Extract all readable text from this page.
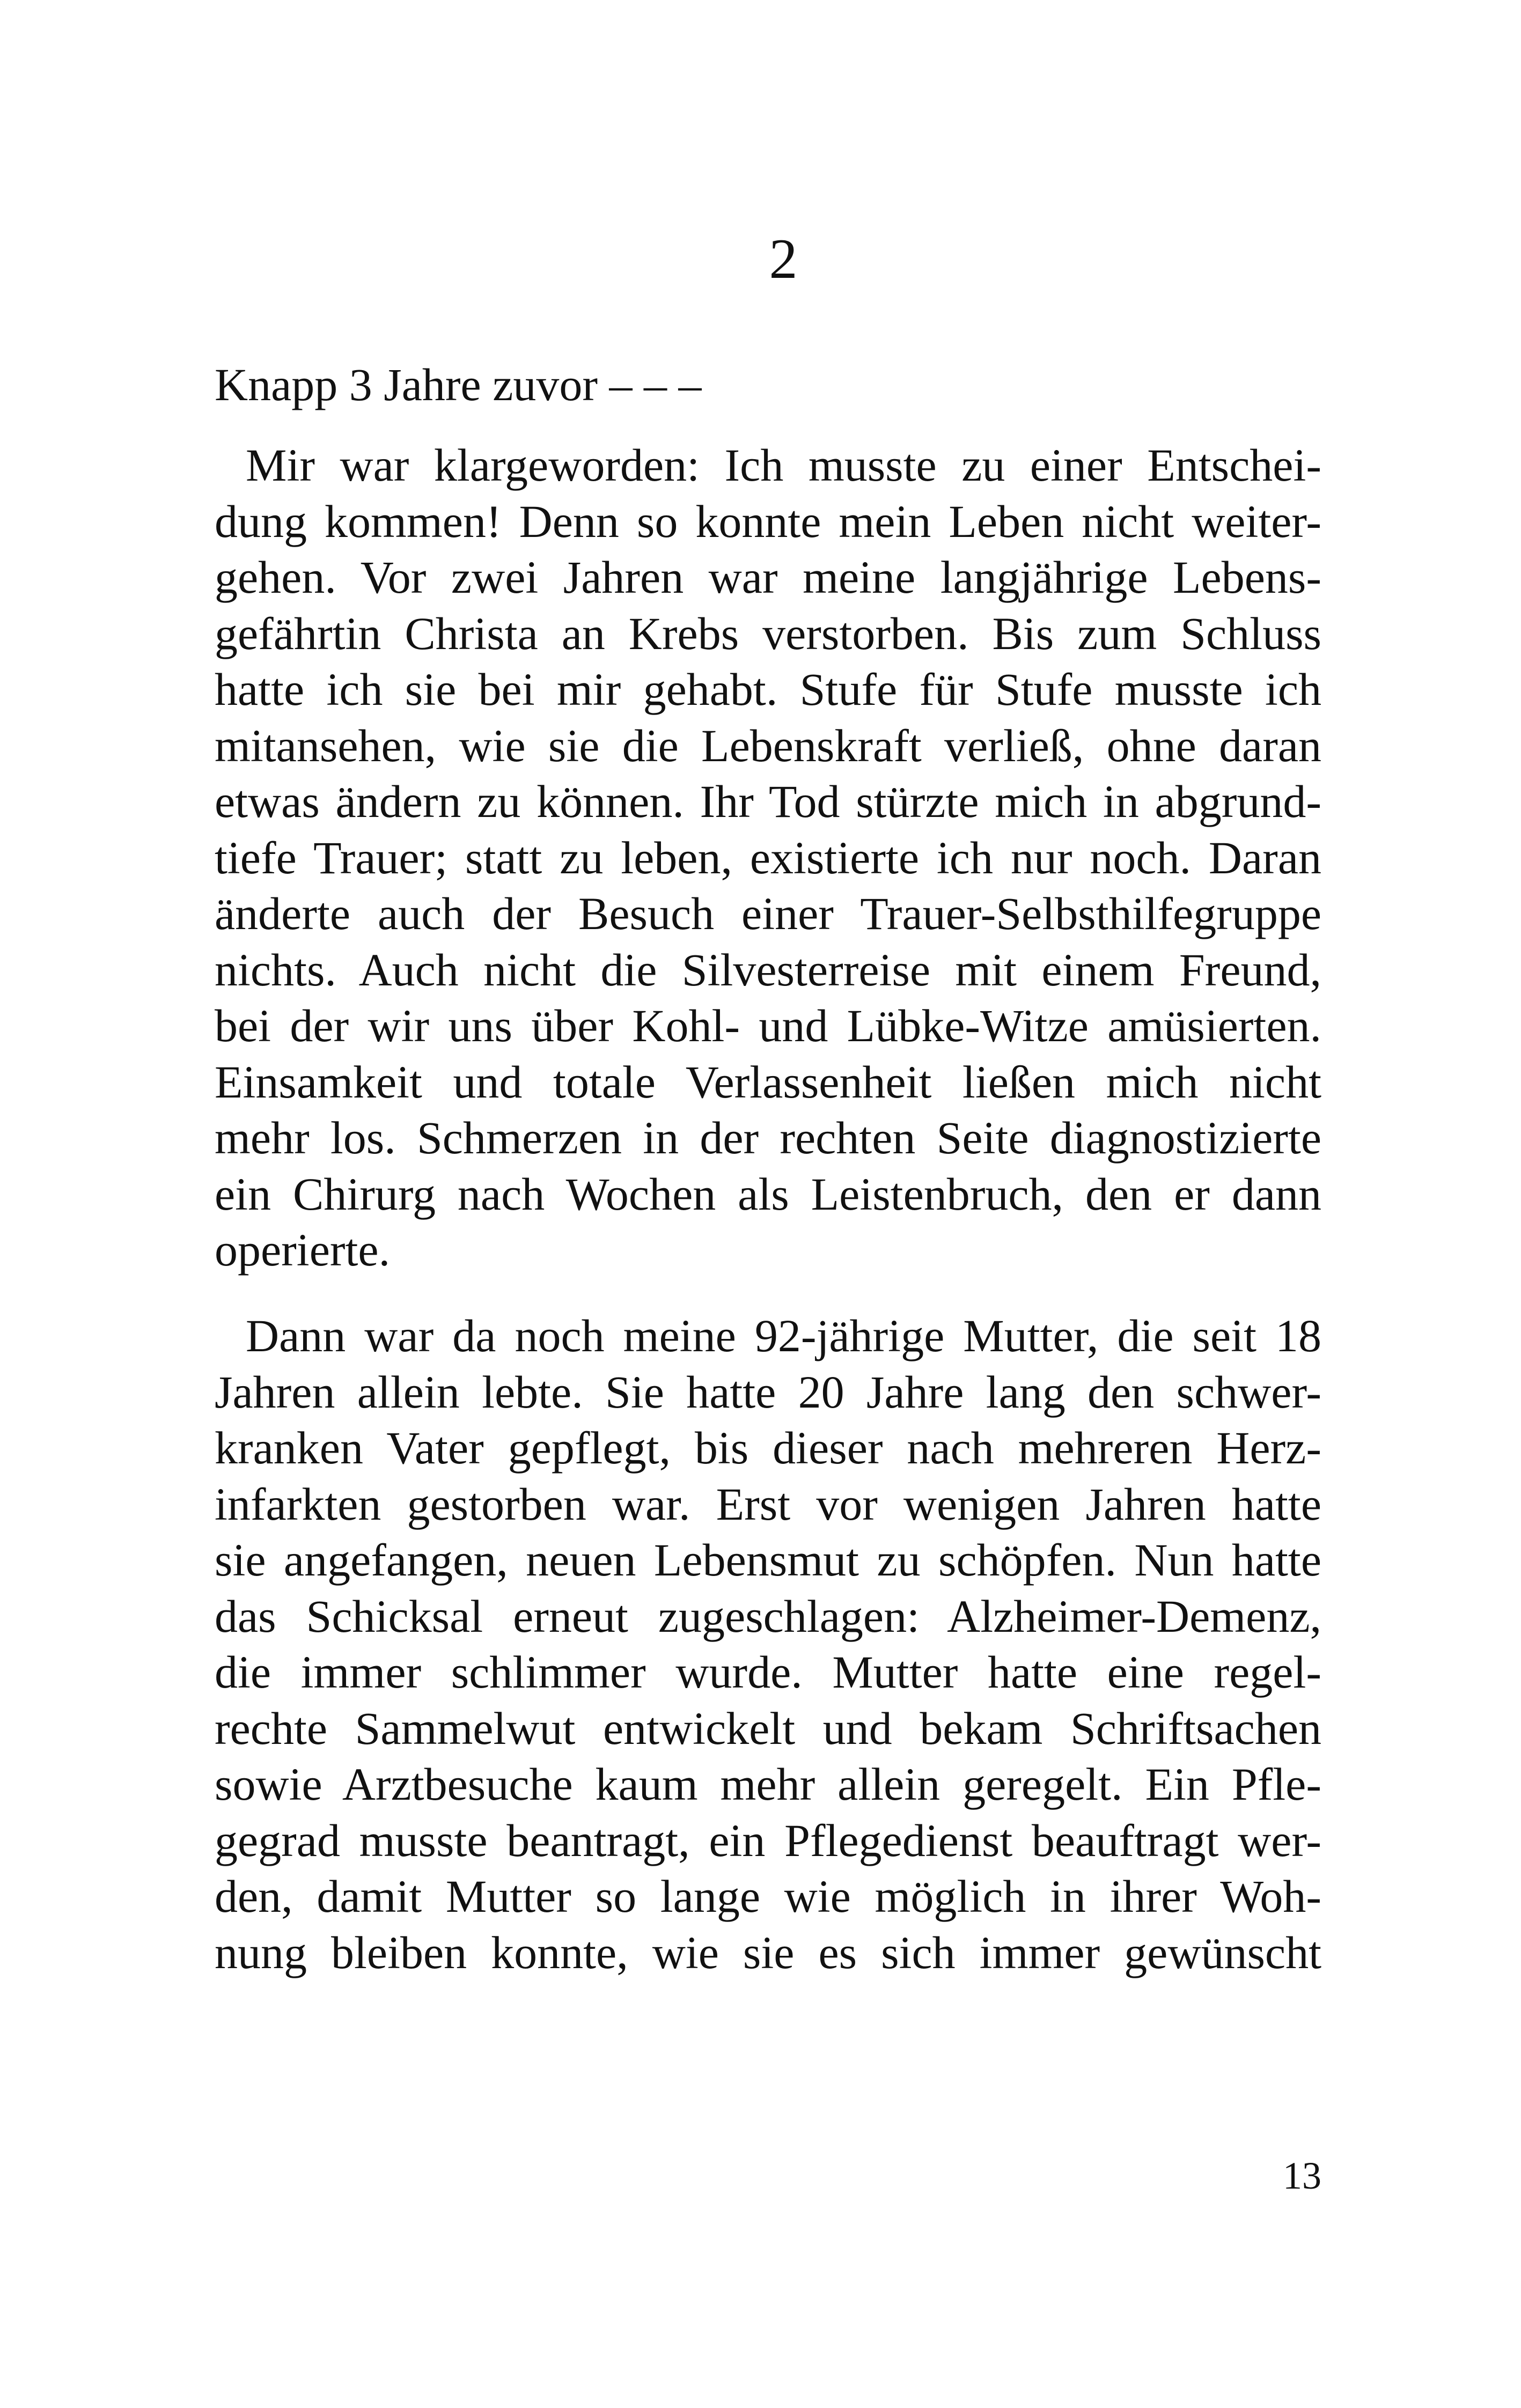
2
Knapp 3 Jahre zuvor – – –
Mir war klargeworden: Ich musste zu einer Entschei-
dung kommen! Denn so konnte mein Leben nicht weiter-
gehen. Vor zwei Jahren war meine langjährige Lebens-
gefährtin Christa an Krebs verstorben. Bis zum Schluss
hatte ich sie bei mir gehabt. Stufe für Stufe musste ich
mitansehen, wie sie die Lebenskraft verließ, ohne daran
etwas ändern zu können. Ihr Tod stürzte mich in abgrund-
tiefe Trauer; statt zu leben, existierte ich nur noch. Daran
änderte auch der Besuch einer Trauer-Selbsthilfegruppe
nichts. Auch nicht die Silvesterreise mit einem Freund,
bei der wir uns über Kohl- und Lübke-Witze amüsierten.
Einsamkeit und totale Verlassenheit ließen mich nicht
mehr los. Schmerzen in der rechten Seite diagnostizierte
ein Chirurg nach Wochen als Leistenbruch, den er dann
operierte.
Dann war da noch meine 92-jährige Mutter, die seit 18
Jahren allein lebte. Sie hatte 20 Jahre lang den schwer-
kranken Vater gepflegt, bis dieser nach mehreren Herz-
infarkten gestorben war. Erst vor wenigen Jahren hatte
sie angefangen, neuen Lebensmut zu schöpfen. Nun hatte
das Schicksal erneut zugeschlagen: Alzheimer-Demenz,
die immer schlimmer wurde. Mutter hatte eine regel-
rechte Sammelwut entwickelt und bekam Schriftsachen
sowie Arztbesuche kaum mehr allein geregelt. Ein Pfle-
gegrad musste beantragt, ein Pflegedienst beauftragt wer-
den, damit Mutter so lange wie möglich in ihrer Woh-
nung bleiben konnte, wie sie es sich immer gewünscht
13
